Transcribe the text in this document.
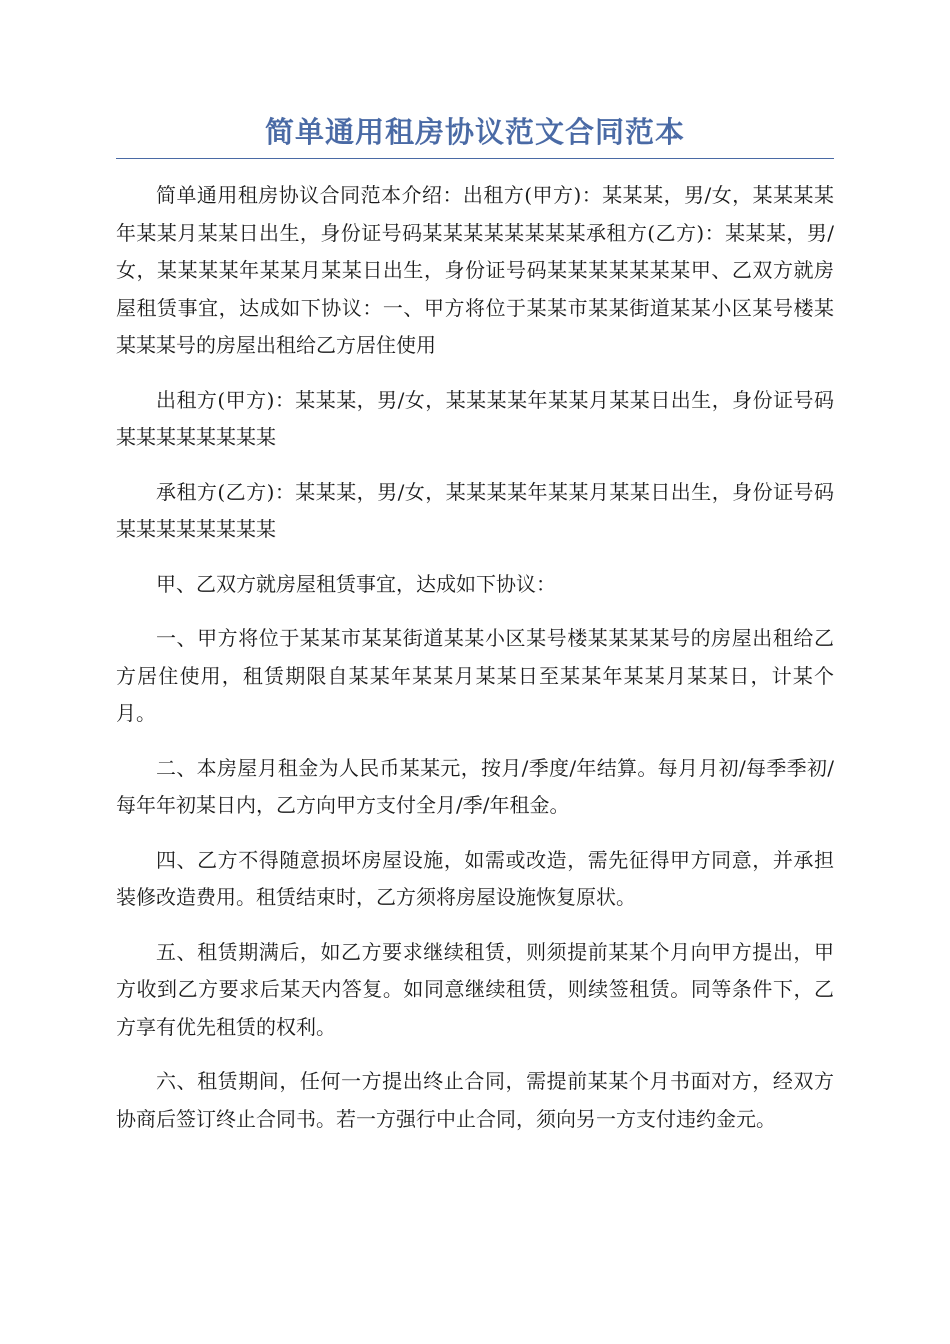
简单通用租房协议范文合同范本

简单通用租房协议合同范本介绍：出租方(甲方)：某某某，男/女，某某某某年某某月某某日出生，身份证号码某某某某某某某某承租方(乙方)：某某某，男/女，某某某某年某某月某某日出生，身份证号码某某某某某某某甲、乙双方就房屋租赁事宜，达成如下协议：一、甲方将位于某某市某某街道某某小区某号楼某某某某号的房屋出租给乙方居住使用

出租方(甲方)：某某某，男/女，某某某某年某某月某某日出生，身份证号码某某某某某某某某

承租方(乙方)：某某某，男/女，某某某某年某某月某某日出生，身份证号码某某某某某某某某

甲、乙双方就房屋租赁事宜，达成如下协议：

一、甲方将位于某某市某某街道某某小区某号楼某某某某号的房屋出租给乙方居住使用，租赁期限自某某年某某月某某日至某某年某某月某某日，计某个月。

二、本房屋月租金为人民币某某元，按月/季度/年结算。每月月初/每季季初/每年年初某日内，乙方向甲方支付全月/季/年租金。

四、乙方不得随意损坏房屋设施，如需或改造，需先征得甲方同意，并承担装修改造费用。租赁结束时，乙方须将房屋设施恢复原状。

五、租赁期满后，如乙方要求继续租赁，则须提前某某个月向甲方提出，甲方收到乙方要求后某天内答复。如同意继续租赁，则续签租赁。同等条件下，乙方享有优先租赁的权利。

六、租赁期间，任何一方提出终止合同，需提前某某个月书面对方，经双方协商后签订终止合同书。若一方强行中止合同，须向另一方支付违约金元。
